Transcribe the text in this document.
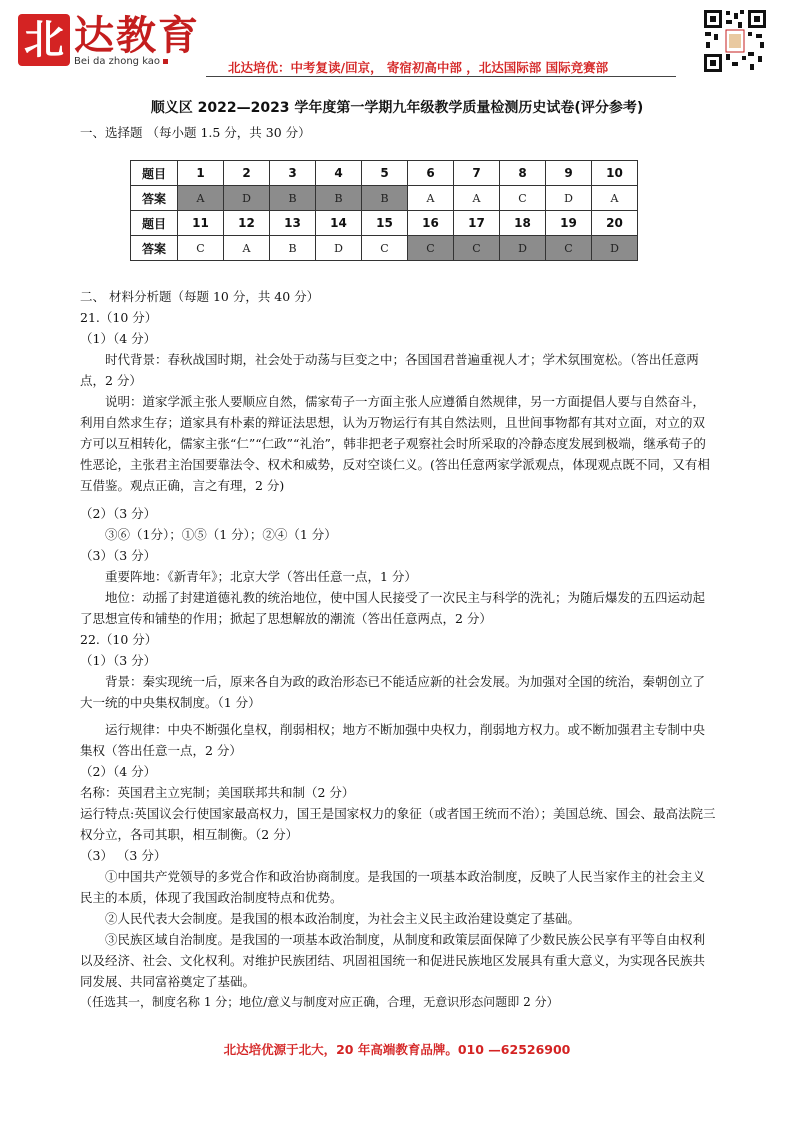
北 达教育
Bei da zhong kao	北达培优：中考复读/回京， 寄宿初高中部 ，北达国际部 国际竞赛部
顺义区 2022—2023 学年度第一学期九年级教学质量检测历史试卷(评分参考)
一、选择题 （每小题 1.5 分，共 30 分）
题目	1	2	3	4	5	6	7	8	9	10
答案	A	D	B	B	B	A	A	C	D	A
题目	11	12	13	14	15	16	17	18	19	20
答案	C	A	B	D	C	C	C	D	C	D
二、 材料分析题（每题 10 分，共 40 分）
21.（10 分）
（1）（4 分）
时代背景：春秋战国时期，社会处于动荡与巨变之中；各国国君普遍重视人才；学术氛围宽松。（答出任意两点，2 分）
说明：道家学派主张人要顺应自然，儒家荀子一方面主张人应遵循自然规律，另一方面提倡人要与自然奋斗，利用自然求生存；道家具有朴素的辩证法思想，认为万物运行有其自然法则，且世间事物都有其对立面，对立的双方可以互相转化，儒家主张“仁”“仁政”“礼治”，韩非把老子观察社会时所采取的冷静态度发展到极端，继承荀子的性恶论，主张君主治国要靠法令、权术和威势，反对空谈仁义。(答出任意两家学派观点，体现观点既不同，又有相互借鉴。观点正确，言之有理，2 分)
（2）（3 分）
③⑥（1分）；①⑤（1 分）；②④（1 分）
（3）（3 分）
重要阵地：《新青年》；北京大学（答出任意一点，1 分）
地位：动摇了封建道德礼教的统治地位，使中国人民接受了一次民主与科学的洗礼；为随后爆发的五四运动起了思想宣传和铺垫的作用；掀起了思想解放的潮流（答出任意两点，2 分）
22.（10 分）
（1）（3 分）
背景：秦实现统一后，原来各自为政的政治形态已不能适应新的社会发展。为加强对全国的统治，秦朝创立了大一统的中央集权制度。（1 分）
运行规律：中央不断强化皇权，削弱相权；地方不断加强中央权力，削弱地方权力。或不断加强君主专制中央集权（答出任意一点，2 分）
（2）（4 分）
名称：英国君主立宪制；美国联邦共和制（2 分）
运行特点:英国议会行使国家最高权力，国王是国家权力的象征（或者国王统而不治）；美国总统、国会、最高法院三权分立，各司其职，相互制衡。（2 分）
（3） （3 分）
①中国共产党领导的多党合作和政治协商制度。是我国的一项基本政治制度，反映了人民当家作主的社会主义民主的本质，体现了我国政治制度特点和优势。
②人民代表大会制度。是我国的根本政治制度，为社会主义民主政治建设奠定了基础。
③民族区域自治制度。是我国的一项基本政治制度，从制度和政策层面保障了少数民族公民享有平等自由权利以及经济、社会、文化权利。对维护民族团结、巩固祖国统一和促进民族地区发展具有重大意义，为实现各民族共同发展、共同富裕奠定了基础。
（任选其一，制度名称 1 分；地位/意义与制度对应正确，合理，无意识形态问题即 2 分）
北达培优源于北大，20 年高端教育品牌。010 —62526900
